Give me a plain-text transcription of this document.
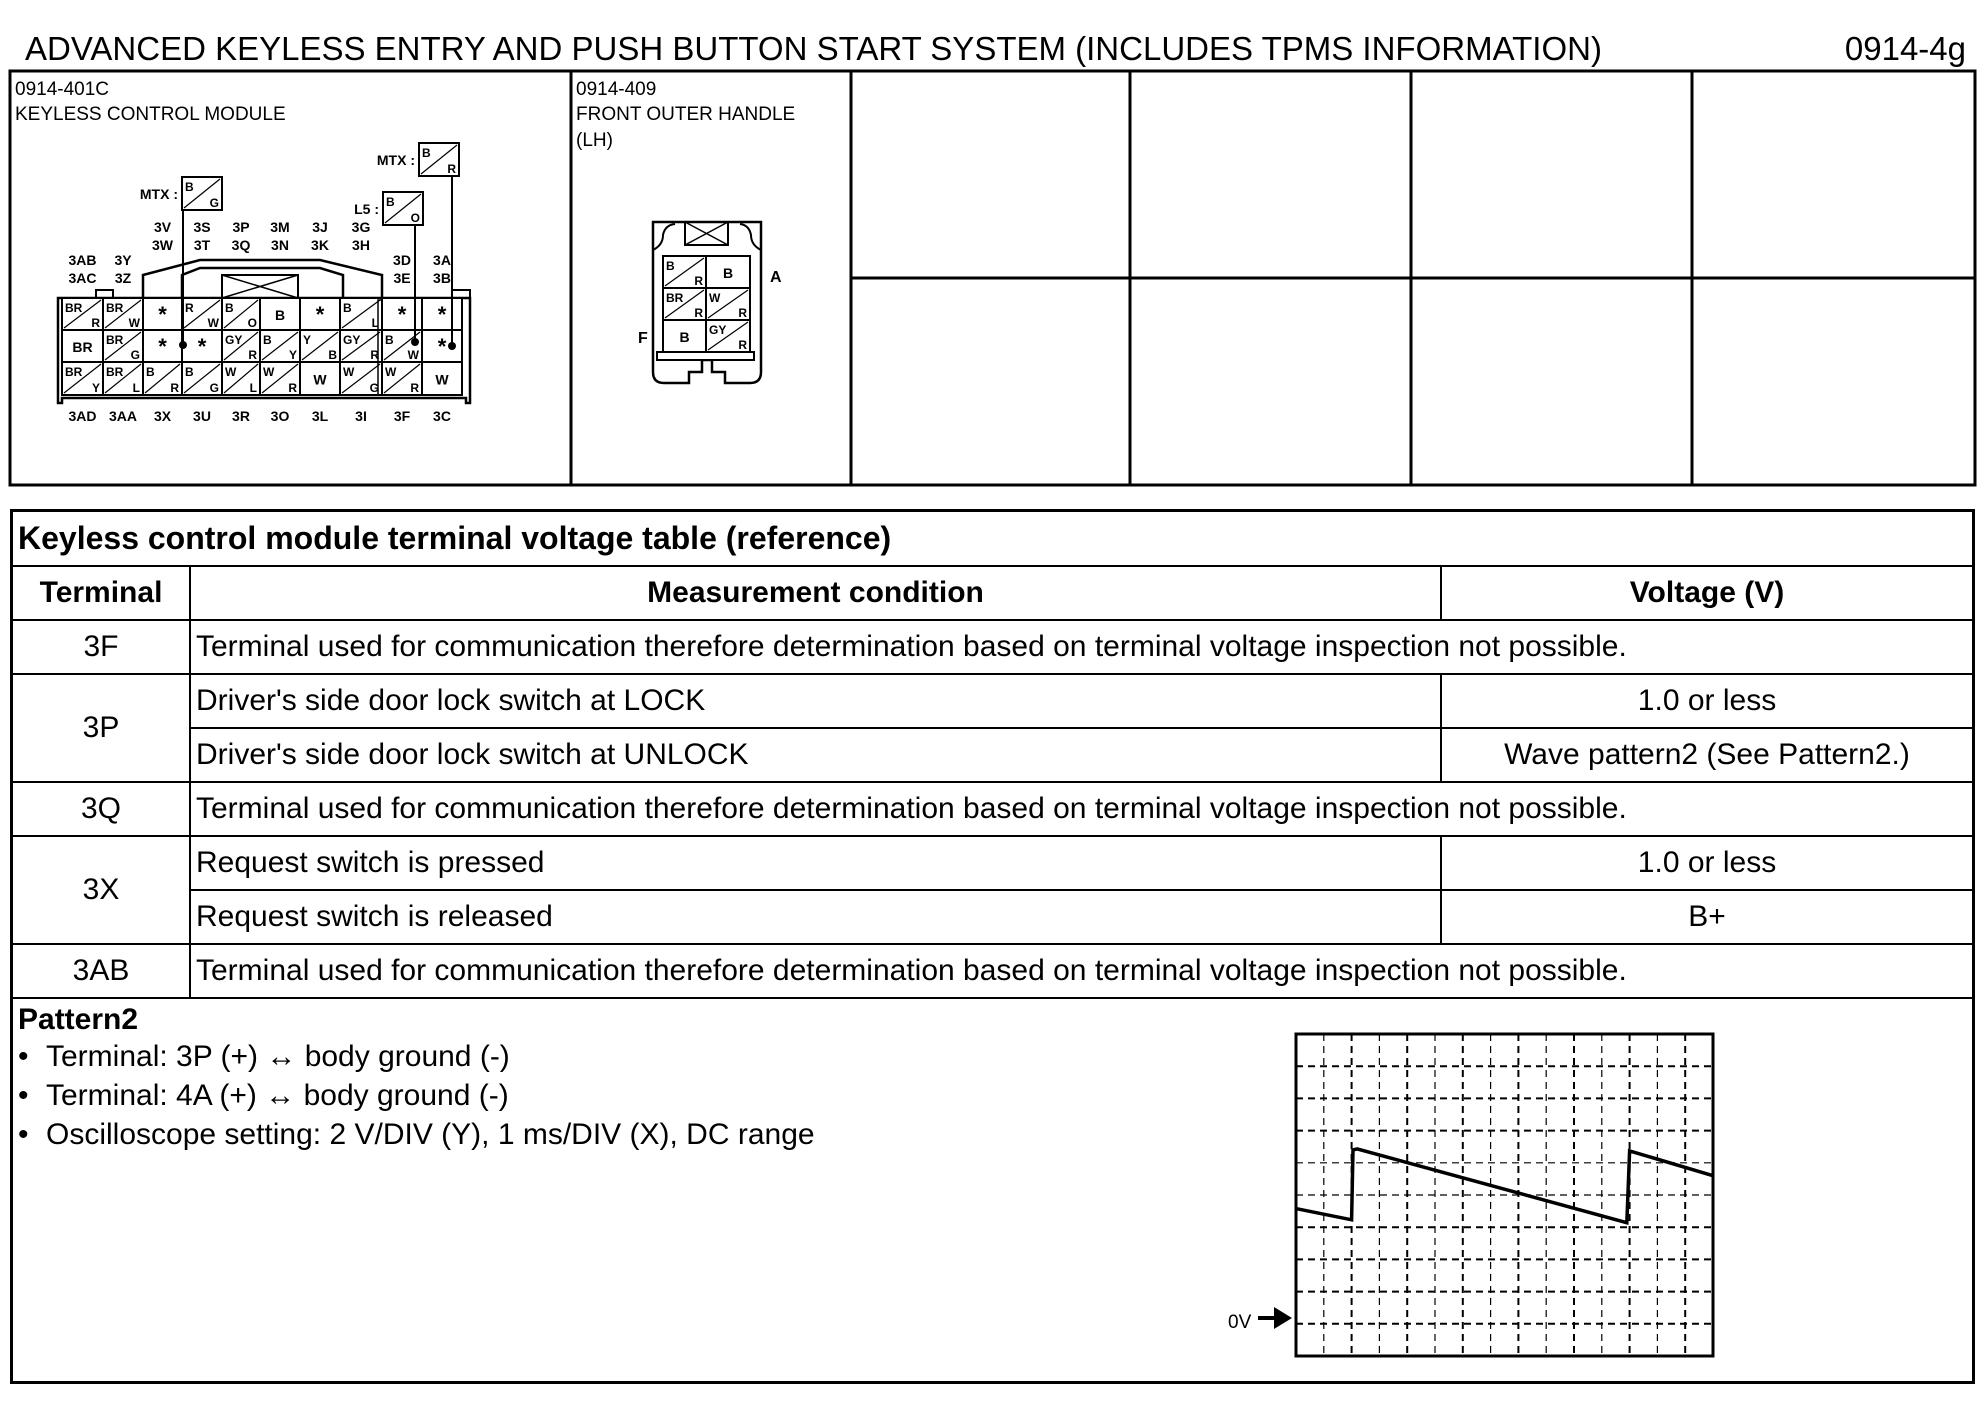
ADVANCED KEYLESS ENTRY AND PUSH BUTTON START SYSTEM (INCLUDES TPMS INFORMATION)	0914-4g
0914-401C
KEYLESS CONTROL MODULE
0914-409
FRONT OUTER HANDLE
(LH)
BR
R
BR
W * R
W
B
O B * B
L * *
BR BR
G * * GY
R
B
Y
Y
B
GY
R
B
W *
BR
Y
BR
L
B
R
B
G
W
L
W
R
W W
G
W
R
W
3AB
3AC
3Y
3Z
3V
3W
3S
3T
3P
3Q
3M
3N
3J
3K
3G
3H
3D
3E
3A
3B
3AD 3AA 3X 3U 3R 3O 3L 3I 3F 3C
B
G
MTX :	B
O
L5 :
B
R
MTX :
B
R B
BR
R
W
R
B GY
R
A
F
Keyless control module terminal voltage table (reference)		
Terminal	Measurement condition	Voltage (V)
3F	Terminal used for communication therefore determination based on terminal voltage inspection not possible.	
3P	Driver's side door lock switch at LOCK	1.0 or less
	Driver's side door lock switch at UNLOCK	Wave pattern2 (See Pattern2.)
3Q	Terminal used for communication therefore determination based on terminal voltage inspection not possible.	
3X	Request switch is pressed	1.0 or less
	Request switch is released	B+
3AB	Terminal used for communication therefore determination based on terminal voltage inspection not possible.	

Pattern2
• Terminal: 3P (+) ↔ body ground (-)
• Terminal: 4A (+) ↔ body ground (-)
• Oscilloscope setting: 2 V/DIV (Y), 1 ms/DIV (X), DC range		
0V
